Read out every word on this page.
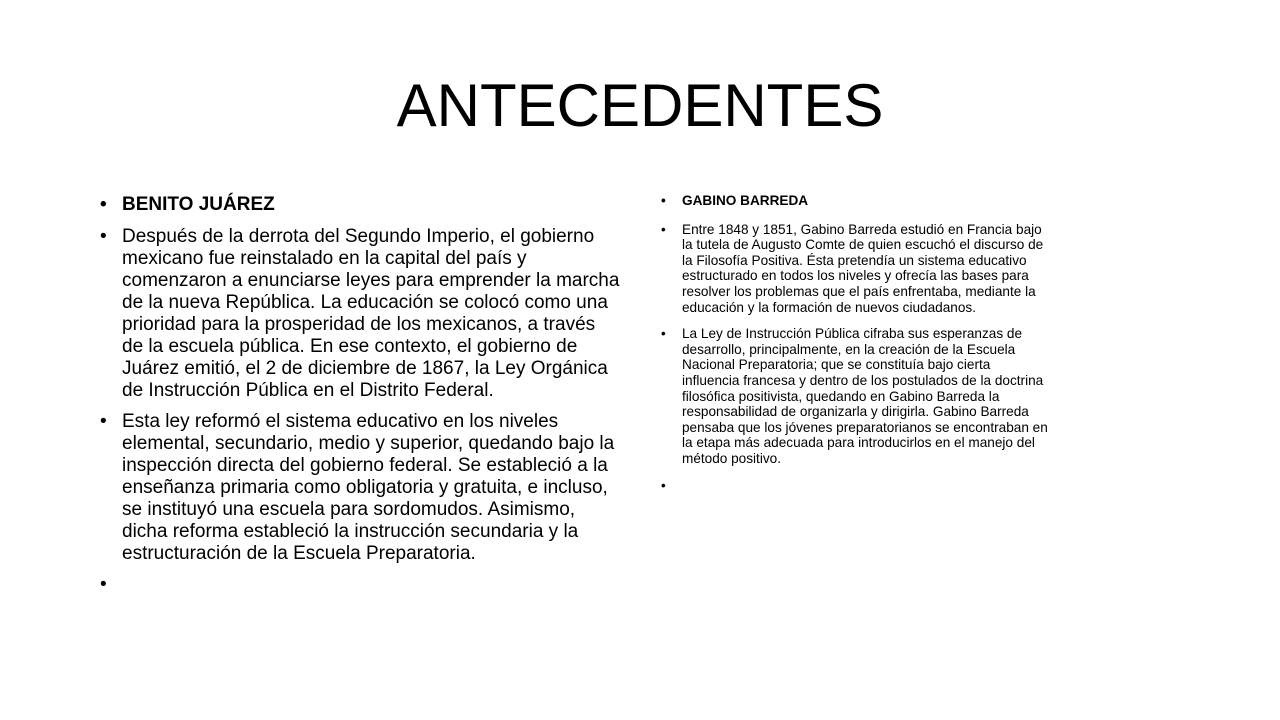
ANTECEDENTES
• BENITO JUÁREZ
• Después de la derrota del Segundo Imperio, el gobierno mexicano fue reinstalado en la capital del país y comenzaron a enunciarse leyes para emprender la marcha de la nueva República. La educación se colocó como una prioridad para la prosperidad de los mexicanos, a través de la escuela pública. En ese contexto, el gobierno de Juárez emitió, el 2 de diciembre de 1867, la Ley Orgánica de Instrucción Pública en el Distrito Federal.
• Esta ley reformó el sistema educativo en los niveles elemental, secundario, medio y superior, quedando bajo la inspección directa del gobierno federal. Se estableció a la enseñanza primaria como obligatoria y gratuita, e incluso, se instituyó una escuela para sordomudos. Asimismo, dicha reforma estableció la instrucción secundaria y la estructuración de la Escuela Preparatoria.
•
• GABINO BARREDA
• Entre 1848 y 1851, Gabino Barreda estudió en Francia bajo la tutela de Augusto Comte de quien escuchó el discurso de la Filosofía Positiva. Ésta pretendía un sistema educativo estructurado en todos los niveles y ofrecía las bases para resolver los problemas que el país enfrentaba, mediante la educación y la formación de nuevos ciudadanos.
• La Ley de Instrucción Pública cifraba sus esperanzas de desarrollo, principalmente, en la creación de la Escuela Nacional Preparatoria; que se constituía bajo cierta influencia francesa y dentro de los postulados de la doctrina filosófica positivista, quedando en Gabino Barreda la responsabilidad de organizarla y dirigirla. Gabino Barreda pensaba que los jóvenes preparatorianos se encontraban en la etapa más adecuada para introducirlos en el manejo del método positivo.
•
